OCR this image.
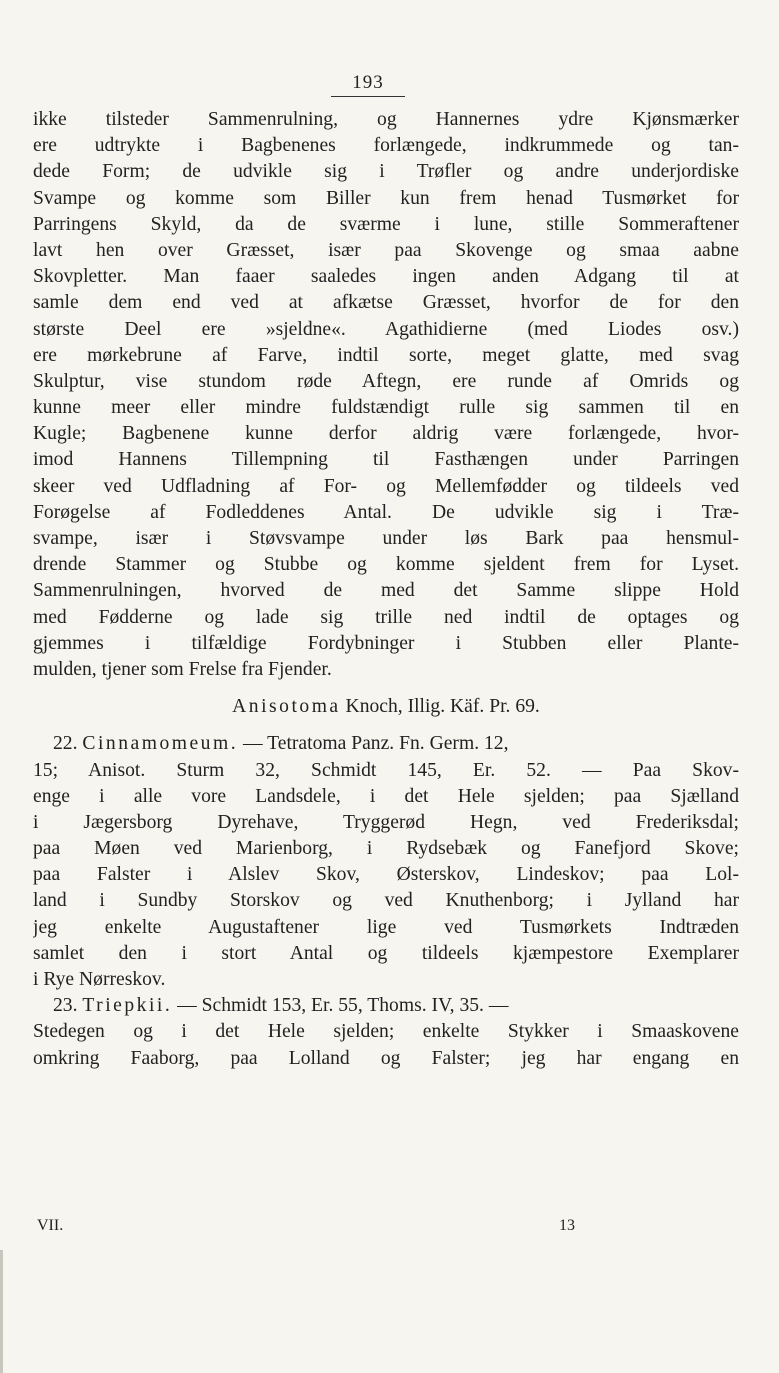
193
ikke tilsteder Sammenrulning, og Hannernes ydre Kjønsmærker
ere udtrykte i Bagbenenes forlængede, indkrummede og tan-
dede Form; de udvikle sig i Trøfler og andre underjordiske
Svampe og komme som Biller kun frem henad Tusmørket for
Parringens Skyld, da de sværme i lune, stille Sommeraftener
lavt hen over Græsset, især paa Skovenge og smaa aabne
Skovpletter. Man faaer saaledes ingen anden Adgang til at
samle dem end ved at afkætse Græsset, hvorfor de for den
største Deel ere »sjeldne«. Agathidierne (med Liodes osv.)
ere mørkebrune af Farve, indtil sorte, meget glatte, med svag
Skulptur, vise stundom røde Aftegn, ere runde af Omrids og
kunne meer eller mindre fuldstændigt rulle sig sammen til en
Kugle; Bagbenene kunne derfor aldrig være forlængede, hvor-
imod Hannens Tillempning til Fasthængen under Parringen
skeer ved Udfladning af For- og Mellemfødder og tildeels ved
Forøgelse af Fodleddenes Antal. De udvikle sig i Træ-
svampe, især i Støvsvampe under løs Bark paa hensmul-
drende Stammer og Stubbe og komme sjeldent frem for Lyset.
Sammenrulningen, hvorved de med det Samme slippe Hold
med Fødderne og lade sig trille ned indtil de optages og
gjemmes i tilfældige Fordybninger i Stubben eller Plante-
mulden, tjener som Frelse fra Fjender.
Anisotoma Knoch, Illig. Käf. Pr. 69.
22. Cinnamomeum. — Tetratoma Panz. Fn. Germ. 12,
15; Anisot. Sturm 32, Schmidt 145, Er. 52. — Paa Skov-
enge i alle vore Landsdele, i det Hele sjelden; paa Sjælland
i Jægersborg Dyrehave, Tryggerød Hegn, ved Frederiksdal;
paa Møen ved Marienborg, i Rydsebæk og Fanefjord Skove;
paa Falster i Alslev Skov, Østerskov, Lindeskov; paa Lol-
land i Sundby Storskov og ved Knuthenborg; i Jylland har
jeg enkelte Augustaftener lige ved Tusmørkets Indtræden
samlet den i stort Antal og tildeels kjæmpestore Exemplarer
i Rye Nørreskov.
23. Triepkii. — Schmidt 153, Er. 55, Thoms. IV, 35. —
Stedegen og i det Hele sjelden; enkelte Stykker i Smaaskovene
omkring Faaborg, paa Lolland og Falster; jeg har engang en
VII.	13
